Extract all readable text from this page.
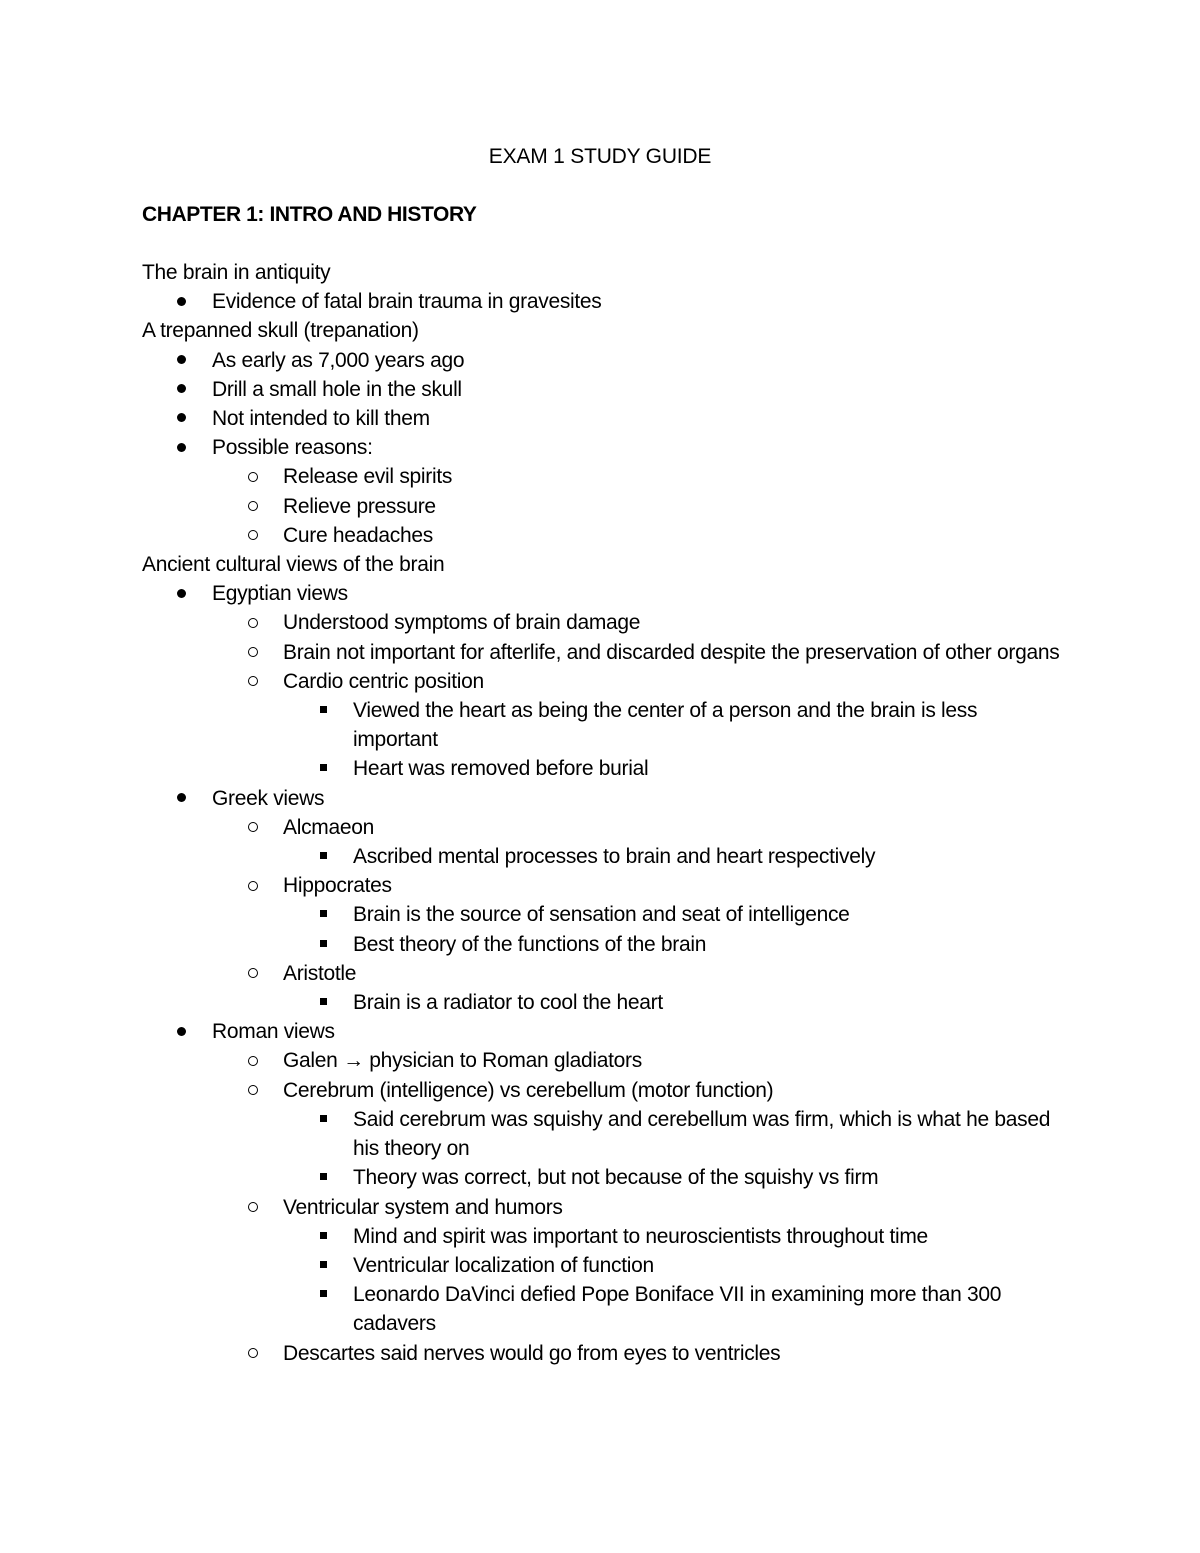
EXAM 1 STUDY GUIDE
CHAPTER 1: INTRO AND HISTORY
The brain in antiquity
Evidence of fatal brain trauma in gravesites
A trepanned skull (trepanation)
As early as 7,000 years ago
Drill a small hole in the skull
Not intended to kill them
Possible reasons:
Release evil spirits
Relieve pressure
Cure headaches
Ancient cultural views of the brain
Egyptian views
Understood symptoms of brain damage
Brain not important for afterlife, and discarded despite the preservation of other organs
Cardio centric position
Viewed the heart as being the center of a person and the brain is less important
Heart was removed before burial
Greek views
Alcmaeon
Ascribed mental processes to brain and heart respectively
Hippocrates
Brain is the source of sensation and seat of intelligence
Best theory of the functions of the brain
Aristotle
Brain is a radiator to cool the heart
Roman views
Galen → physician to Roman gladiators
Cerebrum (intelligence) vs cerebellum (motor function)
Said cerebrum was squishy and cerebellum was firm, which is what he based his theory on
Theory was correct, but not because of the squishy vs firm
Ventricular system and humors
Mind and spirit was important to neuroscientists throughout time
Ventricular localization of function
Leonardo DaVinci defied Pope Boniface VII in examining more than 300 cadavers
Descartes said nerves would go from eyes to ventricles
